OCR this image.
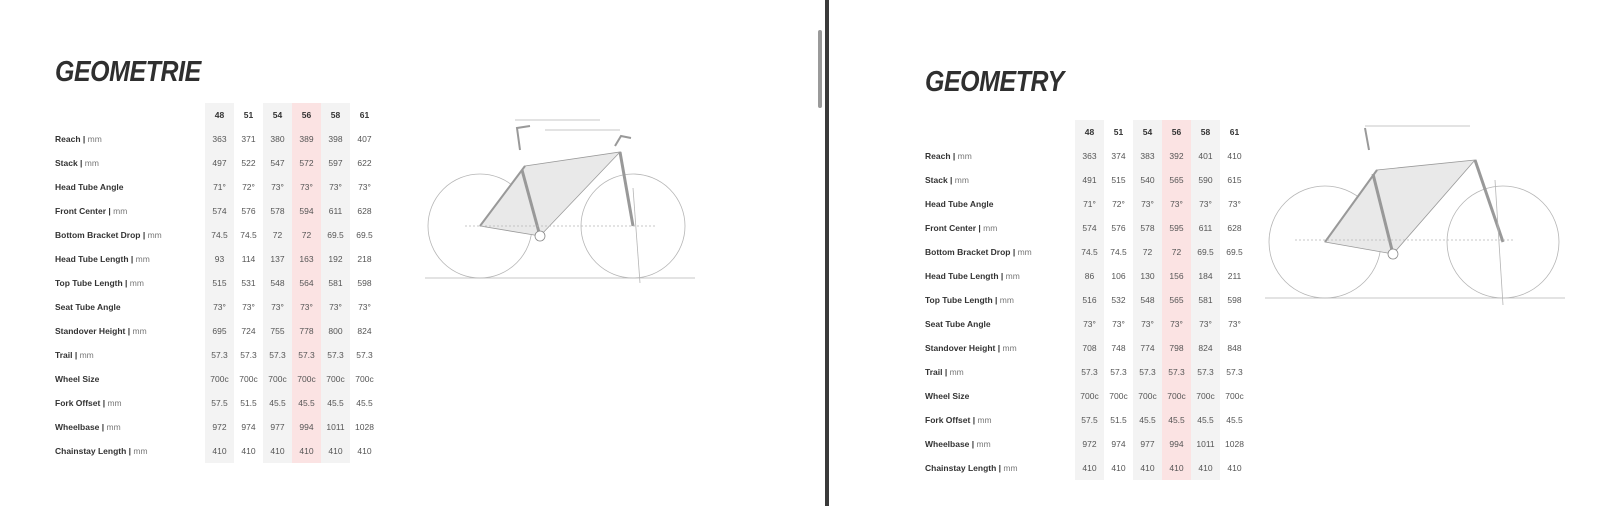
GEOMETRIE
	48	51	54	56	58	61
Reach | mm	363	371	380	389	398	407
Stack | mm	497	522	547	572	597	622
Head Tube Angle	71°	72°	73°	73°	73°	73°
Front Center | mm	574	576	578	594	611	628
Bottom Bracket Drop | mm	74.5	74.5	72	72	69.5	69.5
Head Tube Length | mm	93	114	137	163	192	218
Top Tube Length | mm	515	531	548	564	581	598
Seat Tube Angle	73°	73°	73°	73°	73°	73°
Standover Height | mm	695	724	755	778	800	824
Trail | mm	57.3	57.3	57.3	57.3	57.3	57.3
Wheel Size	700c	700c	700c	700c	700c	700c
Fork Offset | mm	57.5	51.5	45.5	45.5	45.5	45.5
Wheelbase | mm	972	974	977	994	1011	1028
Chainstay Length | mm	410	410	410	410	410	410
GEOMETRY
	48	51	54	56	58	61
Reach | mm	363	374	383	392	401	410
Stack | mm	491	515	540	565	590	615
Head Tube Angle	71°	72°	73°	73°	73°	73°
Front Center | mm	574	576	578	595	611	628
Bottom Bracket Drop | mm	74.5	74.5	72	72	69.5	69.5
Head Tube Length | mm	86	106	130	156	184	211
Top Tube Length | mm	516	532	548	565	581	598
Seat Tube Angle	73°	73°	73°	73°	73°	73°
Standover Height | mm	708	748	774	798	824	848
Trail | mm	57.3	57.3	57.3	57.3	57.3	57.3
Wheel Size	700c	700c	700c	700c	700c	700c
Fork Offset | mm	57.5	51.5	45.5	45.5	45.5	45.5
Wheelbase | mm	972	974	977	994	1011	1028
Chainstay Length | mm	410	410	410	410	410	410
